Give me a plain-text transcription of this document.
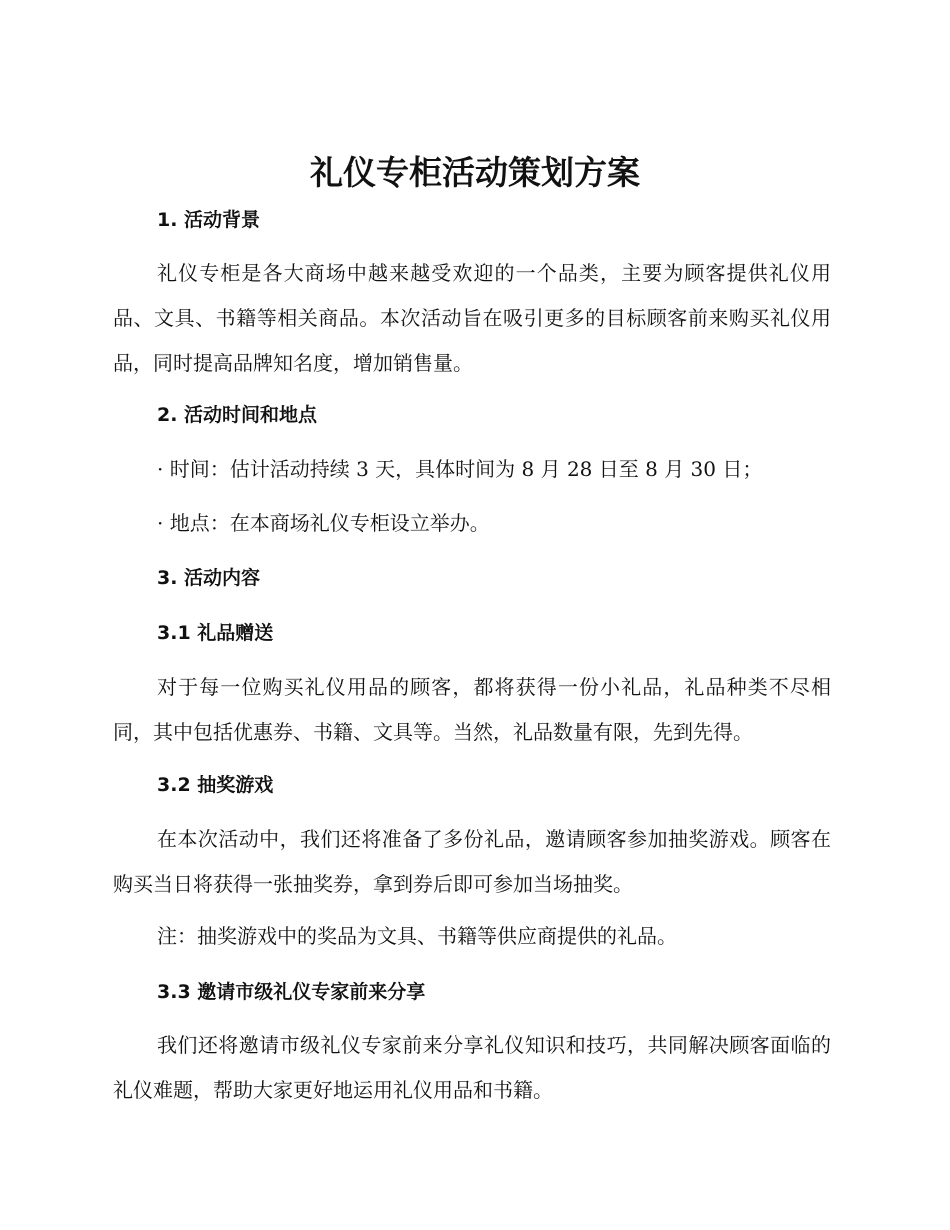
礼仪专柜活动策划方案
1. 活动背景

礼仪专柜是各大商场中越来越受欢迎的一个品类，主要为顾客提供礼仪用品、文具、书籍等相关商品。本次活动旨在吸引更多的目标顾客前来购买礼仪用品，同时提高品牌知名度，增加销售量。

2. 活动时间和地点

· 时间：估计活动持续 3 天，具体时间为 8 月 28 日至 8 月 30 日；

· 地点：在本商场礼仪专柜设立举办。

3. 活动内容
3.1 礼品赠送

对于每一位购买礼仪用品的顾客，都将获得一份小礼品，礼品种类不尽相同，其中包括优惠券、书籍、文具等。当然，礼品数量有限，先到先得。

3.2 抽奖游戏

在本次活动中，我们还将准备了多份礼品，邀请顾客参加抽奖游戏。顾客在购买当日将获得一张抽奖券，拿到券后即可参加当场抽奖。

注：抽奖游戏中的奖品为文具、书籍等供应商提供的礼品。

3.3 邀请市级礼仪专家前来分享

我们还将邀请市级礼仪专家前来分享礼仪知识和技巧，共同解决顾客面临的礼仪难题，帮助大家更好地运用礼仪用品和书籍。
